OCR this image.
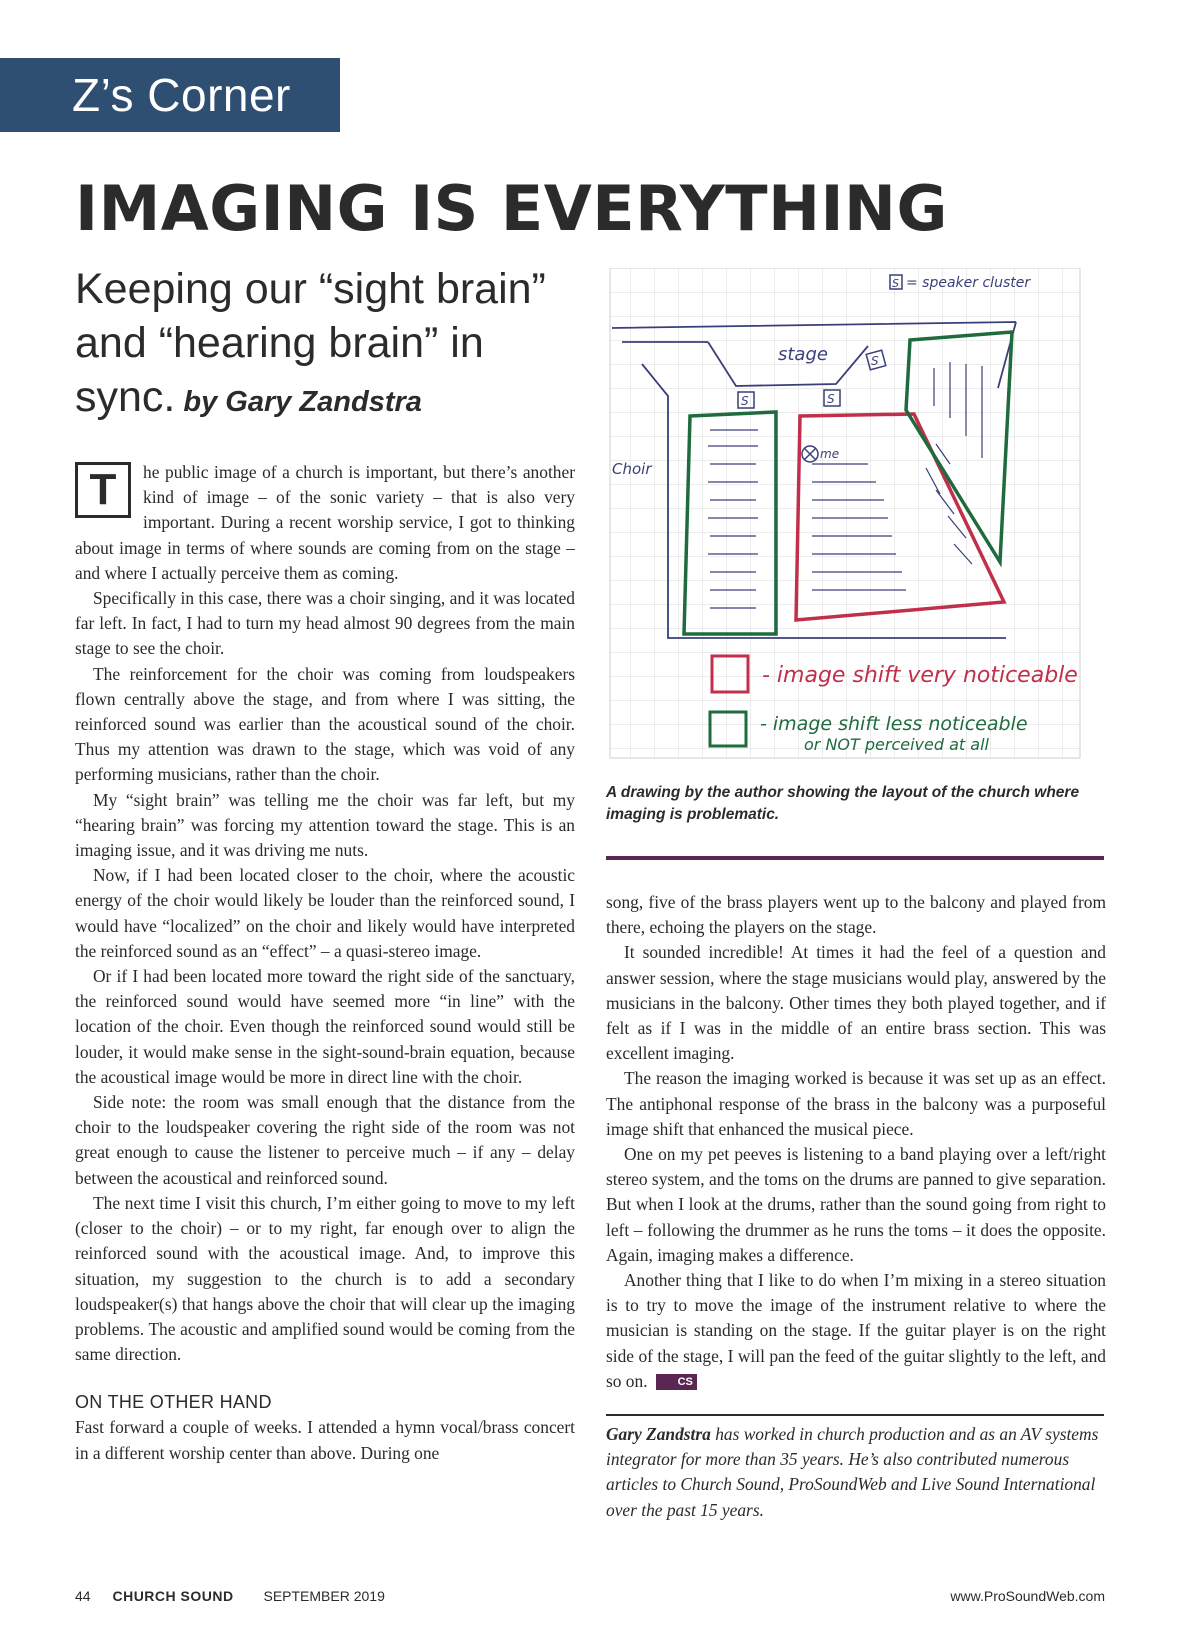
Z’s Corner
IMAGING IS EVERYTHING
Keeping our “sight brain” and “hearing brain” in sync. by Gary Zandstra

T	he public image of a church is important, but there’s another kind of image – of the sonic variety – that is also very important. During a recent worship service, I got to thinking about image in terms of where sounds are coming from on the stage – and where I actually perceive them as coming.

Specifically in this case, there was a choir singing, and it was located far left. In fact, I had to turn my head almost 90 degrees from the main stage to see the choir.

The reinforcement for the choir was coming from loudspeakers flown centrally above the stage, and from where I was sitting, the reinforced sound was earlier than the acoustical sound of the choir. Thus my attention was drawn to the stage, which was void of any performing musicians, rather than the choir.

My “sight brain” was telling me the choir was far left, but my “hearing brain” was forcing my attention toward the stage. This is an imaging issue, and it was driving me nuts.

Now, if I had been located closer to the choir, where the acoustic energy of the choir would likely be louder than the reinforced sound, I would have “localized” on the choir and likely would have interpreted the reinforced sound as an “effect” – a quasi-stereo image.

Or if I had been located more toward the right side of the sanctuary, the reinforced sound would have seemed more “in line” with the location of the choir. Even though the reinforced sound would still be louder, it would make sense in the sight-sound-brain equation, because the acoustical image would be more in direct line with the choir.

Side note: the room was small enough that the distance from the choir to the loudspeaker covering the right side of the room was not great enough to cause the listener to perceive much – if any – delay between the acoustical and reinforced sound.

The next time I visit this church, I’m either going to move to my left (closer to the choir) – or to my right, far enough over to align the reinforced sound with the acoustical image. And, to improve this situation, my suggestion to the church is to add a secondary loudspeaker(s) that hangs above the choir that will clear up the imaging problems. The acoustic and amplified sound would be coming from the same direction.

ON THE OTHER HAND

Fast forward a couple of weeks. I attended a hymn vocal/brass concert in a different worship center than above. During one

S = speaker cluster
stage
Choir
S	S
S
me
- image shift very noticeable
- image shift less noticeable
or NOT perceived at all
A drawing by the author showing the layout of the church where imaging is problematic.

song, five of the brass players went up to the balcony and played from there, echoing the players on the stage.

It sounded incredible! At times it had the feel of a question and answer session, where the stage musicians would play, answered by the musicians in the balcony. Other times they both played together, and if felt as if I was in the middle of an entire brass section. This was excellent imaging.

The reason the imaging worked is because it was set up as an effect. The antiphonal response of the brass in the balcony was a purposeful image shift that enhanced the musical piece.

One on my pet peeves is listening to a band playing over a left/right stereo system, and the toms on the drums are panned to give separation. But when I look at the drums, rather than the sound going from right to left – following the drummer as he runs the toms – it does the opposite. Again, imaging makes a difference.

Another thing that I like to do when I’m mixing in a stereo situation is to try to move the image of the instrument relative to where the musician is standing on the stage. If the guitar player is on the right side of the stage, I will pan the feed of the guitar slightly to the left, and so on.	CS

Gary Zandstra has worked in church production and as an AV systems integrator for more than 35 years. He’s also contributed numerous articles to Church Sound, ProSoundWeb and Live Sound International over the past 15 years.
44 CHURCH SOUND SEPTEMBER 2019	www.ProSoundWeb.com
